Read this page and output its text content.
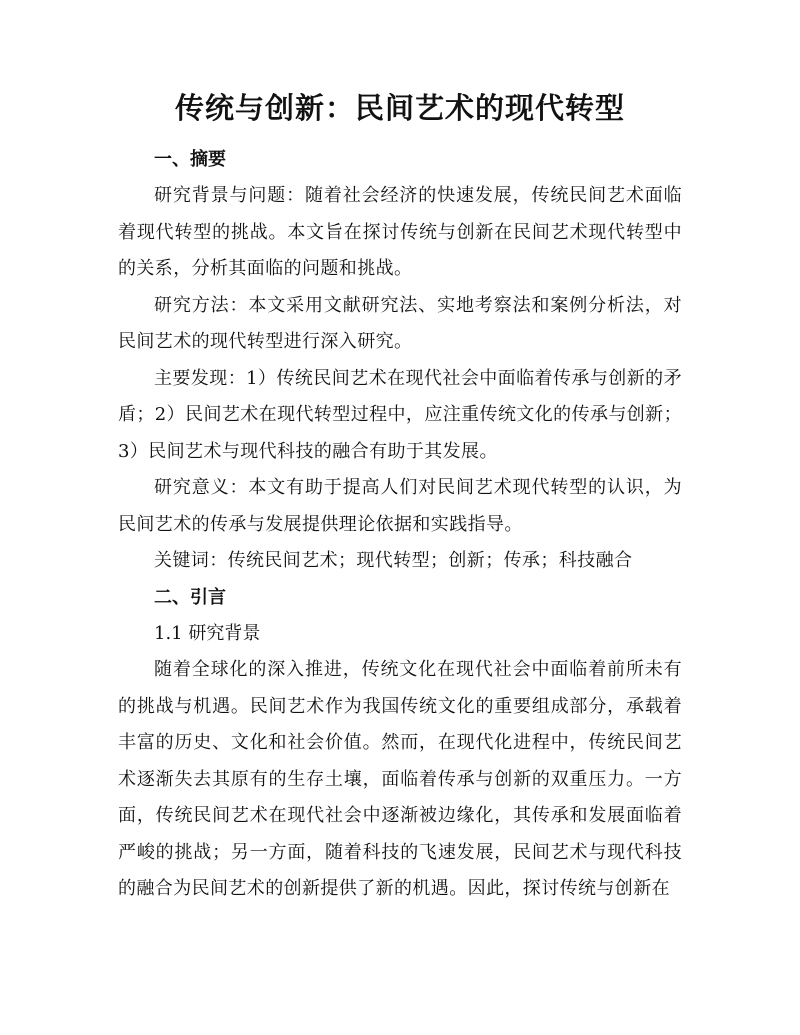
传统与创新：民间艺术的现代转型
一、摘要

研究背景与问题：随着社会经济的快速发展，传统民间艺术面临着现代转型的挑战。本文旨在探讨传统与创新在民间艺术现代转型中的关系，分析其面临的问题和挑战。

研究方法：本文采用文献研究法、实地考察法和案例分析法，对民间艺术的现代转型进行深入研究。

主要发现：1）传统民间艺术在现代社会中面临着传承与创新的矛盾；2）民间艺术在现代转型过程中，应注重传统文化的传承与创新；3）民间艺术与现代科技的融合有助于其发展。

研究意义：本文有助于提高人们对民间艺术现代转型的认识，为民间艺术的传承与发展提供理论依据和实践指导。

关键词：传统民间艺术；现代转型；创新；传承；科技融合

二、引言
1.1 研究背景

随着全球化的深入推进，传统文化在现代社会中面临着前所未有的挑战与机遇。民间艺术作为我国传统文化的重要组成部分，承载着丰富的历史、文化和社会价值。然而，在现代化进程中，传统民间艺术逐渐失去其原有的生存土壤，面临着传承与创新的双重压力。一方面，传统民间艺术在现代社会中逐渐被边缘化，其传承和发展面临着严峻的挑战；另一方面，随着科技的飞速发展，民间艺术与现代科技的融合为民间艺术的创新提供了新的机遇。因此，探讨传统与创新在
